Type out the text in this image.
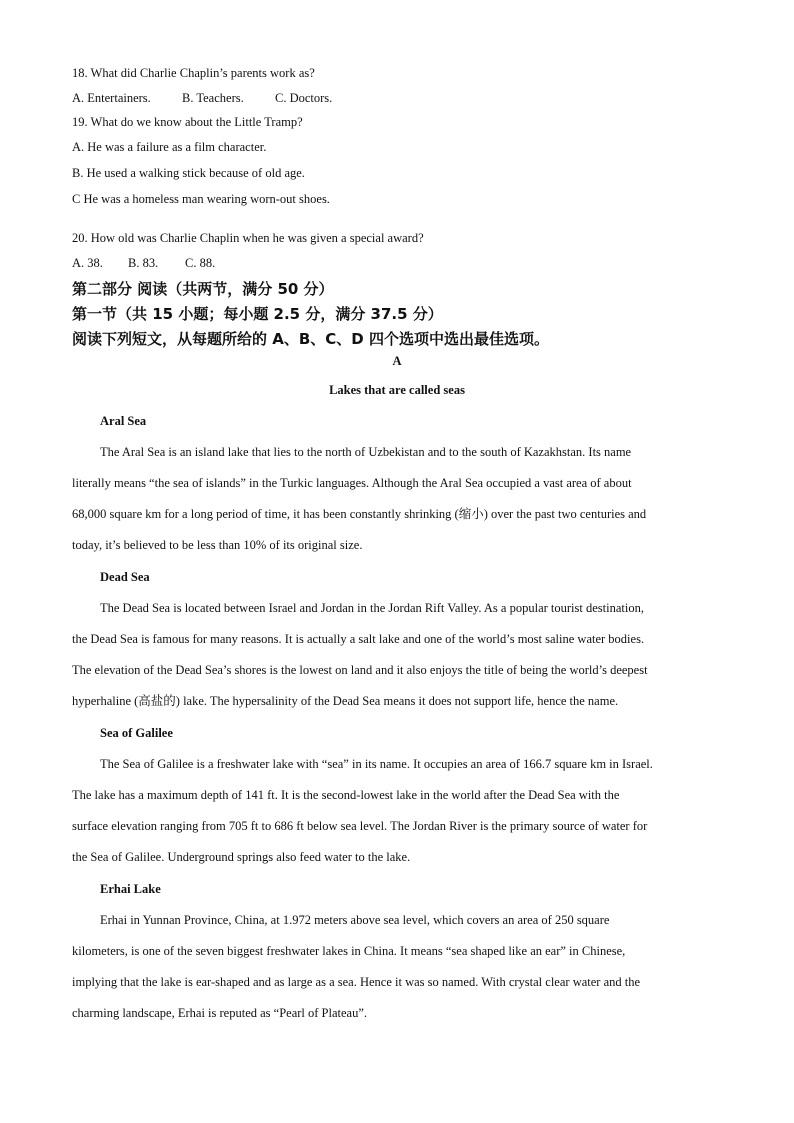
18. What did Charlie Chaplin’s parents work as?
A. Entertainers. B. Teachers.	C. Doctors.
19. What do we know about the Little Tramp?
A. He was a failure as a film character.
B. He used a walking stick because of old age.
C He was a homeless man wearing worn-out shoes.
20. How old was Charlie Chaplin when he was given a special award?
A. 38. B. 83. C. 88.
第二部分 阅读（共两节，满分 50 分）
第一节（共 15 小题；每小题 2.5 分，满分 37.5 分）
阅读下列短文，从每题所给的 A、B、C、D 四个选项中选出最佳选项。
A
Lakes that are called seas
Aral Sea
The Aral Sea is an island lake that lies to the north of Uzbekistan and to the south of Kazakhstan. Its name
literally means “the sea of islands” in the Turkic languages. Although the Aral Sea occupied a vast area of about
68,000 square km for a long period of time, it has been constantly shrinking (缩小) over the past two centuries and
today, it’s believed to be less than 10% of its original size.
Dead Sea
The Dead Sea is located between Israel and Jordan in the Jordan Rift Valley. As a popular tourist destination,
the Dead Sea is famous for many reasons. It is actually a salt lake and one of the world’s most saline water bodies.
The elevation of the Dead Sea’s shores is the lowest on land and it also enjoys the title of being the world’s deepest
hyperhaline (高盐的) lake. The hypersalinity of the Dead Sea means it does not support life, hence the name.
Sea of Galilee
The Sea of Galilee is a freshwater lake with “sea” in its name. It occupies an area of 166.7 square km in Israel.
The lake has a maximum depth of 141 ft. It is the second-lowest lake in the world after the Dead Sea with the
surface elevation ranging from 705 ft to 686 ft below sea level. The Jordan River is the primary source of water for
the Sea of Galilee. Underground springs also feed water to the lake.
Erhai Lake
Erhai in Yunnan Province, China, at 1.972 meters above sea level, which covers an area of 250 square
kilometers, is one of the seven biggest freshwater lakes in China. It means “sea shaped like an ear” in Chinese,
implying that the lake is ear-shaped and as large as a sea. Hence it was so named. With crystal clear water and the
charming landscape, Erhai is reputed as “Pearl of Plateau”.
